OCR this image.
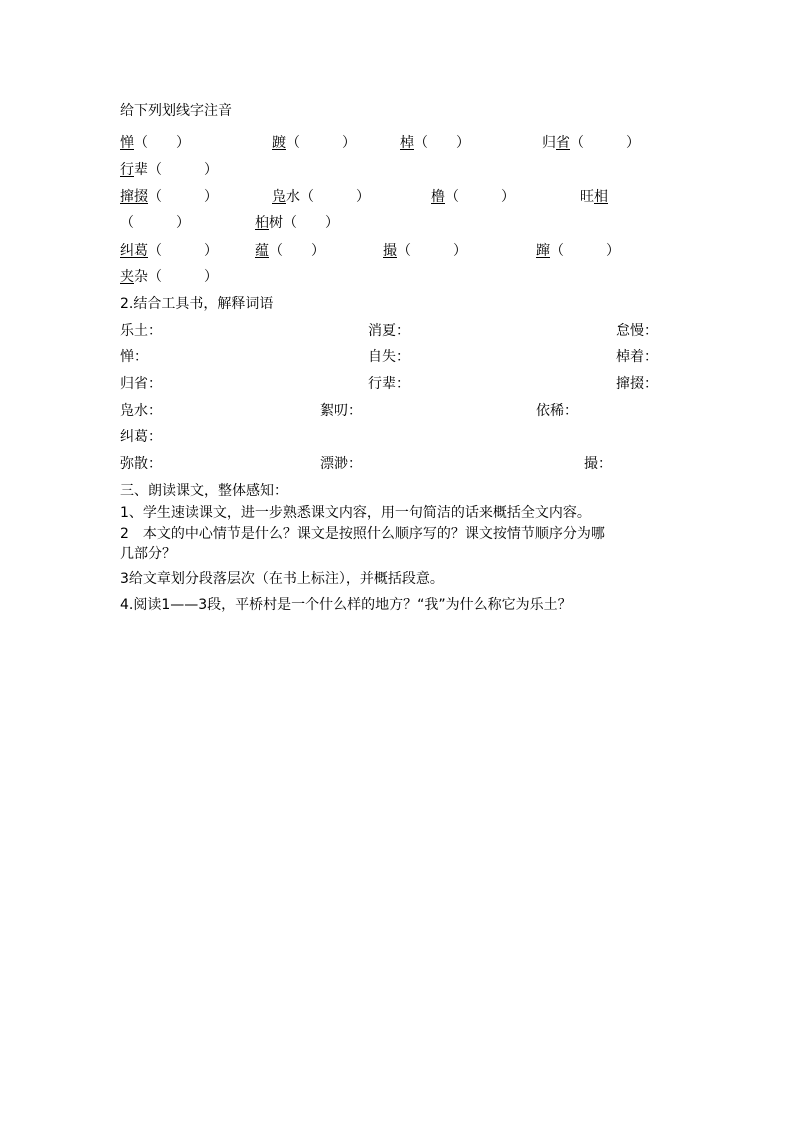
给下列划线字注音
惮（　　）	踱（　　　）	棹（　　）	归省（　　　）
行辈（　　　）
撺掇（　　　）	凫水（　　　）	橹（　　　）	旺相
（　　　）	桕树（　　）
纠葛（　　　）	蕴（　　）	撮（　　　）	蹿（　　　）
夹杂（　　　）
2.结合工具书，解释词语
乐土：	消夏：	怠慢：
惮：	自失：	棹着：
归省：	行辈：	撺掇：
凫水：	絮叨：	依稀：
纠葛：
弥散：	漂渺：	撮：
三、朗读课文，整体感知：
1、学生速读课文，进一步熟悉课文内容，用一句简洁的话来概括全文内容。
2　本文的中心情节是什么？课文是按照什么顺序写的？课文按情节顺序分为哪
几部分？
3给文章划分段落层次（在书上标注），并概括段意。
4.阅读1——3段，平桥村是一个什么样的地方？“我”为什么称它为乐土？
